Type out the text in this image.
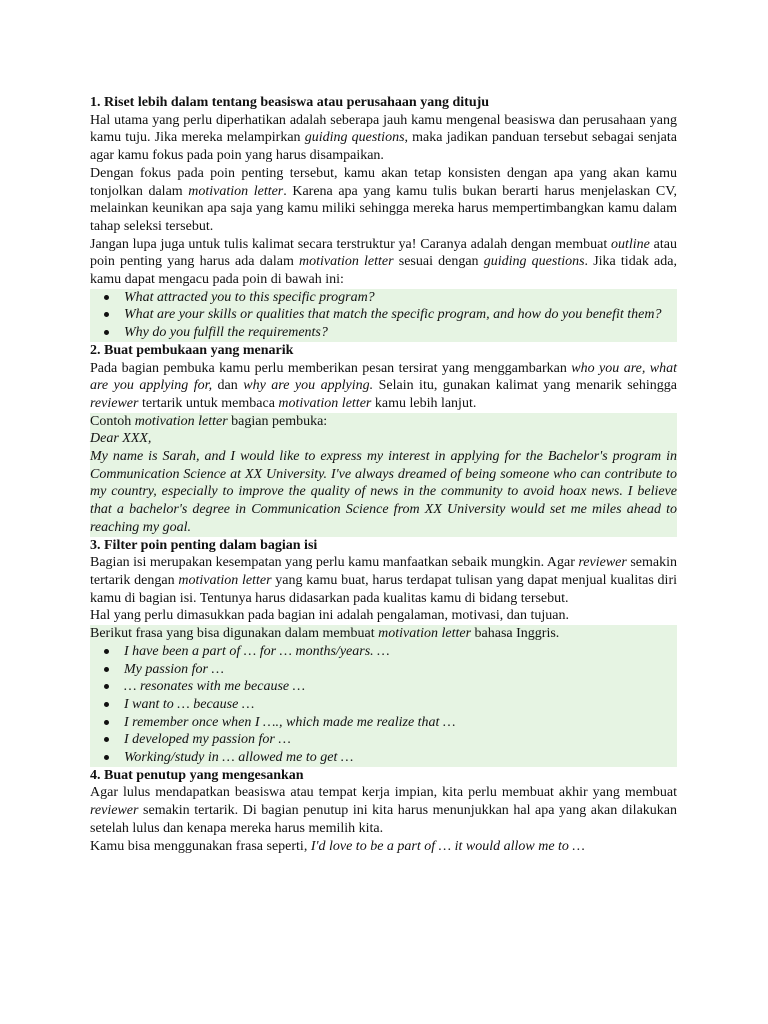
1. Riset lebih dalam tentang beasiswa atau perusahaan yang dituju
Hal utama yang perlu diperhatikan adalah seberapa jauh kamu mengenal beasiswa dan perusahaan yang kamu tuju. Jika mereka melampirkan guiding questions, maka jadikan panduan tersebut sebagai senjata agar kamu fokus pada poin yang harus disampaikan.
Dengan fokus pada poin penting tersebut, kamu akan tetap konsisten dengan apa yang akan kamu tonjolkan dalam motivation letter. Karena apa yang kamu tulis bukan berarti harus menjelaskan CV, melainkan keunikan apa saja yang kamu miliki sehingga mereka harus mempertimbangkan kamu dalam tahap seleksi tersebut.
Jangan lupa juga untuk tulis kalimat secara terstruktur ya! Caranya adalah dengan membuat outline atau poin penting yang harus ada dalam motivation letter sesuai dengan guiding questions. Jika tidak ada, kamu dapat mengacu pada poin di bawah ini:
What attracted you to this specific program?
What are your skills or qualities that match the specific program, and how do you benefit them?
Why do you fulfill the requirements?
2. Buat pembukaan yang menarik
Pada bagian pembuka kamu perlu memberikan pesan tersirat yang menggambarkan who you are, what are you applying for, dan why are you applying. Selain itu, gunakan kalimat yang menarik sehingga reviewer tertarik untuk membaca motivation letter kamu lebih lanjut.
Contoh motivation letter bagian pembuka:
Dear XXX,
My name is Sarah, and I would like to express my interest in applying for the Bachelor's program in Communication Science at XX University. I've always dreamed of being someone who can contribute to my country, especially to improve the quality of news in the community to avoid hoax news. I believe that a bachelor's degree in Communication Science from XX University would set me miles ahead to reaching my goal.
3. Filter poin penting dalam bagian isi
Bagian isi merupakan kesempatan yang perlu kamu manfaatkan sebaik mungkin. Agar reviewer semakin tertarik dengan motivation letter yang kamu buat, harus terdapat tulisan yang dapat menjual kualitas diri kamu di bagian isi. Tentunya harus didasarkan pada kualitas kamu di bidang tersebut.
Hal yang perlu dimasukkan pada bagian ini adalah pengalaman, motivasi, dan tujuan.
Berikut frasa yang bisa digunakan dalam membuat motivation letter bahasa Inggris.
I have been a part of … for … months/years. …
My passion for …
… resonates with me because …
I want to … because …
I remember once when I …., which made me realize that …
I developed my passion for …
Working/study in … allowed me to get …
4. Buat penutup yang mengesankan
Agar lulus mendapatkan beasiswa atau tempat kerja impian, kita perlu membuat akhir yang membuat reviewer semakin tertarik. Di bagian penutup ini kita harus menunjukkan hal apa yang akan dilakukan setelah lulus dan kenapa mereka harus memilih kita.
Kamu bisa menggunakan frasa seperti, I'd love to be a part of … it would allow me to …
